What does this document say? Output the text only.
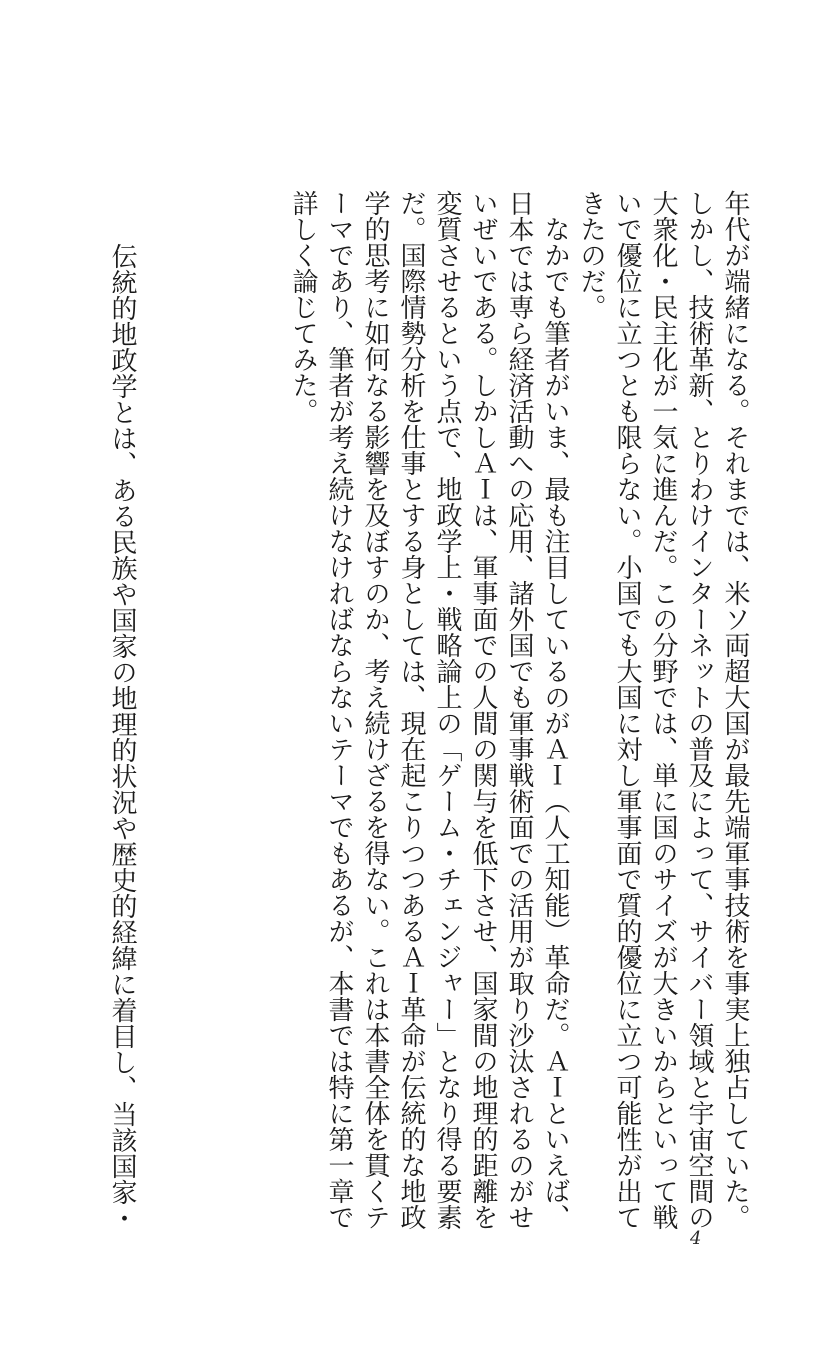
年代が端緒になる。それまでは、米ソ両超大国が最先端軍事技術を事実上独占していた。しかし、技術革新、とりわけインターネットの普及によって、サイバー領域と宇宙空間の大衆化・民主化が一気に進んだ。この分野では、単に国のサイズが大きいからといって戦いで優位に立つとも限らない。小国でも大国に対し軍事面で質的優位に立つ可能性が出てきたのだ。

なかでも筆者がいま、最も注目しているのがＡＩ（人工知能）革命だ。ＡＩといえば、日本では専ら経済活動への応用、諸外国でも軍事戦術面での活用が取り沙汰されるのがせいぜいである。しかしＡＩは、軍事面での人間の関与を低下させ、国家間の地理的距離を変質させるという点で、地政学上・戦略論上の「ゲーム・チェンジャー」となり得る要素だ。国際情勢分析を仕事とする身としては、現在起こりつつあるＡＩ革命が伝統的な地政学的思考に如何なる影響を及ぼすのか、考え続けざるを得ない。これは本書全体を貫くテーマであり、筆者が考え続けなければならないテーマでもあるが、本書では特に第一章で詳しく論じてみた。

伝統的地政学とは、ある民族や国家の地理的状況や歴史的経緯に着目し、当該国家・
4
